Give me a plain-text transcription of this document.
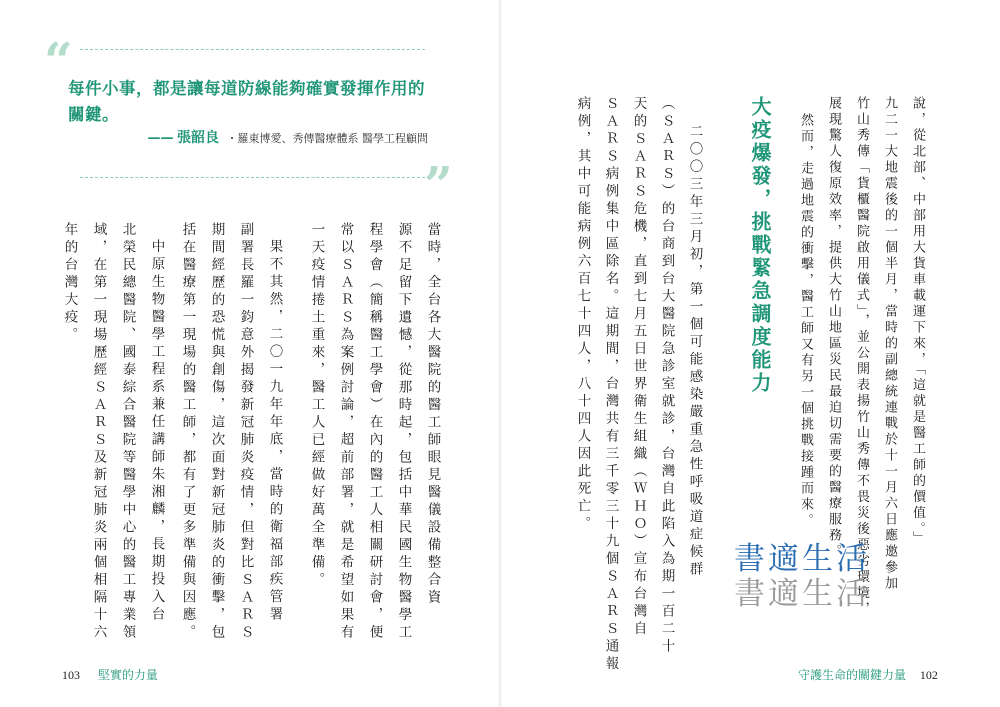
“
每件小事，都是讓每道防線能夠確實發揮作用的關鍵。
—— 張韶良 ・羅東博愛、秀傳醫療體系 醫學工程顧問
”
當時，全台各大醫院的醫工師眼見醫儀設備整合資
源不足留下遺憾，從那時起，包括中華民國生物醫學工
程學會（簡稱醫工學會）在內的醫工人相關研討會，便
常以ＳＡＲＳ為案例討論，超前部署，就是希望如果有
一天疫情捲土重來，醫工人已經做好萬全準備。
果不其然，二〇一九年年底，當時的衛福部疾管署
副署長羅一鈞意外揭發新冠肺炎疫情，但對比ＳＡＲＳ
期間經歷的恐慌與創傷，這次面對新冠肺炎的衝擊，包
括在醫療第一現場的醫工師，都有了更多準備與因應。
中原生物醫學工程系兼任講師朱湘麟，長期投入台
北榮民總醫院、國泰綜合醫院等醫學中心的醫工專業領
域，在第一現場歷經ＳＡＲＳ及新冠肺炎兩個相隔十六
年的台灣大疫。
103 堅實的力量
說，從北部、中部用大貨車載運下來，「這就是醫工師的價值。」
九二一大地震後的一個半月，當時的副總統連戰於十一月六日應邀參加
竹山秀傳「貨櫃醫院啟用儀式」，並公開表揚竹山秀傳不畏災後惡劣環境，
展現驚人復原效率，提供大竹山地區災民最迫切需要的醫療服務。
然而，走過地震的衝擊，醫工師又有另一個挑戰接踵而來。
大疫爆發，挑戰緊急調度能力
二〇〇三年三月初，第一個可能感染嚴重急性呼吸道症候群
（ＳＡＲＳ）的台商到台大醫院急診室就診，台灣自此陷入為期一百二十
天的ＳＡＲＳ危機，直到七月五日世界衛生組織（ＷＨＯ）宣布台灣自
ＳＡＲＳ病例集中區除名。這期間，台灣共有三千零三十九個ＳＡＲＳ通報
病例，其中可能病例六百七十四人，八十四人因此死亡。
守護生命的關鍵力量 102
書適生活
書適生活
